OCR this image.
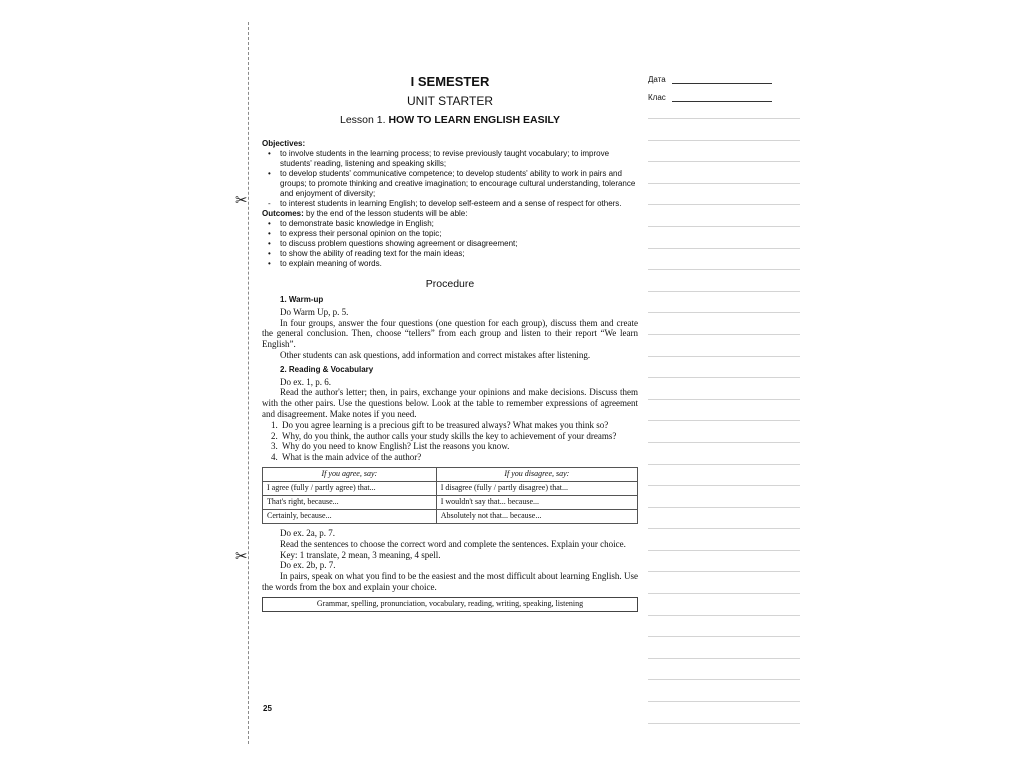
✂
✂
I SEMESTER
UNIT STARTER
Lesson 1. HOW TO LEARN ENGLISH EASILY
Objectives:
• to involve students in the learning process; to revise previously taught vocabulary; to improve students' reading, listening and speaking skills;
• to develop students' communicative competence; to develop students' ability to work in pairs and groups; to promote thinking and creative imagination; to encourage cultural understanding, tolerance and enjoyment of diversity;
- to interest students in learning English; to develop self-esteem and a sense of respect for others.
Outcomes: by the end of the lesson students will be able:
• to demonstrate basic knowledge in English;
• to express their personal opinion on the topic;
• to discuss problem questions showing agreement or disagreement;
• to show the ability of reading text for the main ideas;
• to explain meaning of words.
Procedure
1. Warm-up
Do Warm Up, p. 5.
In four groups, answer the four questions (one question for each group), discuss them and create the general conclusion. Then, choose “tellers” from each group and listen to their report “We learn English”.
Other students can ask questions, add information and correct mistakes after listening.
2. Reading & Vocabulary
Do ex. 1, p. 6.
Read the author's letter; then, in pairs, exchange your opinions and make decisions. Discuss them with the other pairs. Use the questions below. Look at the table to remember expressions of agreement and disagreement. Make notes if you need.
1. Do you agree learning is a precious gift to be treasured always? What makes you think so?
2. Why, do you think, the author calls your study skills the key to achievement of your dreams?
3. Why do you need to know English? List the reasons you know.
4. What is the main advice of the author?
If you agree, say:	If you disagree, say:
I agree (fully / partly agree) that...	I disagree (fully / partly disagree) that...
That's right, because...	I wouldn't say that... because...
Certainly, because...	Absolutely not that... because...
Do ex. 2a, p. 7.
Read the sentences to choose the correct word and complete the sentences. Explain your choice.
Key: 1 translate, 2 mean, 3 meaning, 4 spell.
Do ex. 2b, p. 7.
In pairs, speak on what you find to be the easiest and the most difficult about learning English. Use the words from the box and explain your choice.
Grammar, spelling, pronunciation, vocabulary, reading, writing, speaking, listening
25
Дата
Клас
